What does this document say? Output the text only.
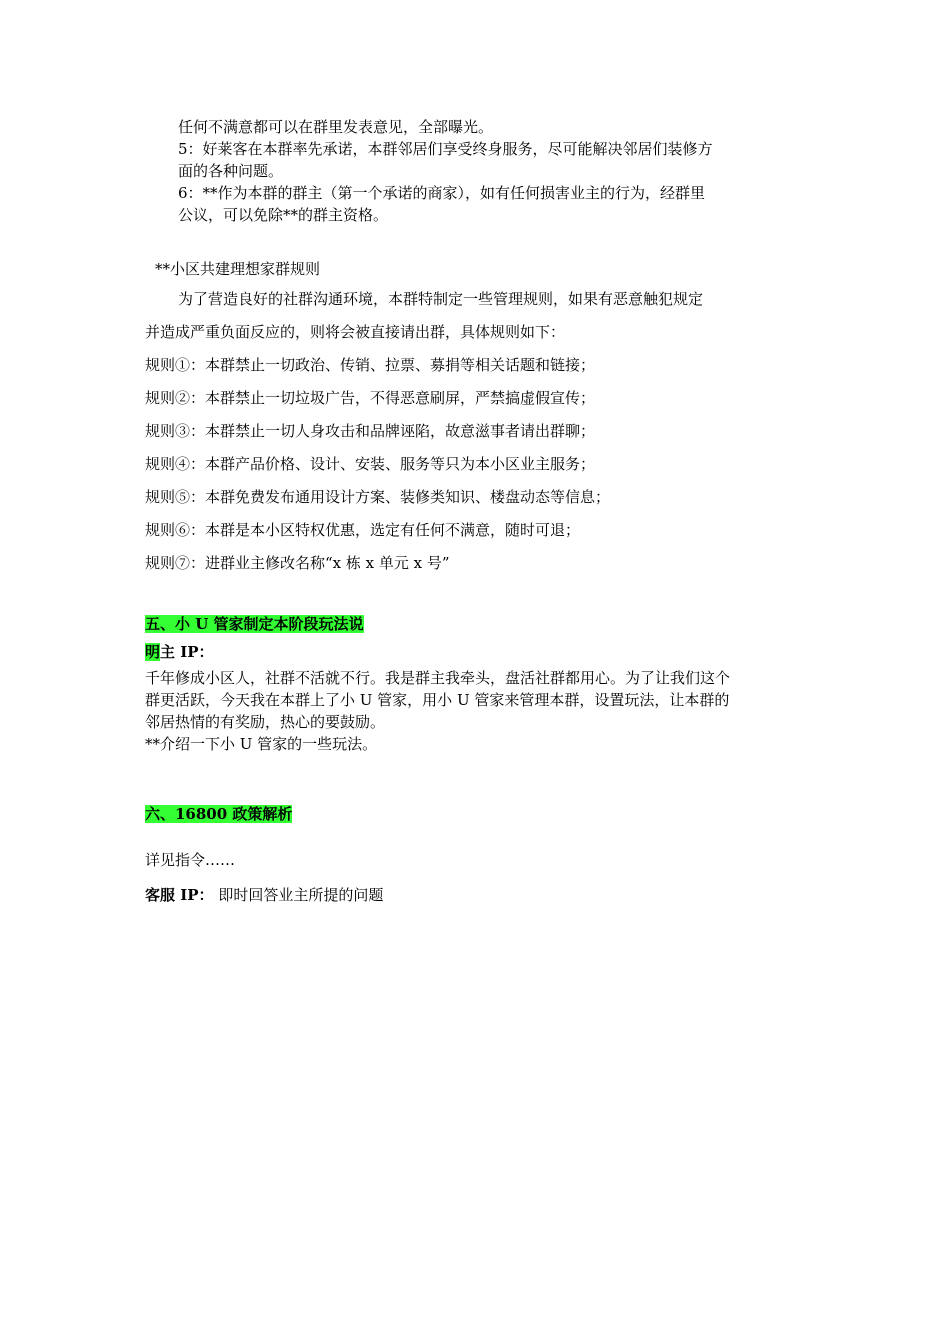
任何不满意都可以在群里发表意见，全部曝光。
5：好莱客在本群率先承诺，本群邻居们享受终身服务，尽可能解决邻居们装修方
面的各种问题。
6：**作为本群的群主（第一个承诺的商家），如有任何损害业主的行为，经群里
公议，可以免除**的群主资格。
**小区共建理想家群规则
为了营造良好的社群沟通环境，本群特制定一些管理规则，如果有恶意触犯规定
并造成严重负面反应的，则将会被直接请出群，具体规则如下：
规则①：本群禁止一切政治、传销、拉票、募捐等相关话题和链接；
规则②：本群禁止一切垃圾广告，不得恶意刷屏，严禁搞虚假宣传；
规则③：本群禁止一切人身攻击和品牌诬陷，故意滋事者请出群聊；
规则④：本群产品价格、设计、安装、服务等只为本小区业主服务；
规则⑤：本群免费发布通用设计方案、装修类知识、楼盘动态等信息；
规则⑥：本群是本小区特权优惠，选定有任何不满意，随时可退；
规则⑦：进群业主修改名称“x 栋 x 单元 x 号”
五、小 U 管家制定本阶段玩法说
明主 IP：
千年修成小区人，社群不活就不行。我是群主我牵头，盘活社群都用心。为了让我们这个
群更活跃，今天我在本群上了小 U 管家，用小 U 管家来管理本群，设置玩法，让本群的
邻居热情的有奖励，热心的要鼓励。
**介绍一下小 U 管家的一些玩法。
六、16800 政策解析
详见指令……
客服 IP： 即时回答业主所提的问题
